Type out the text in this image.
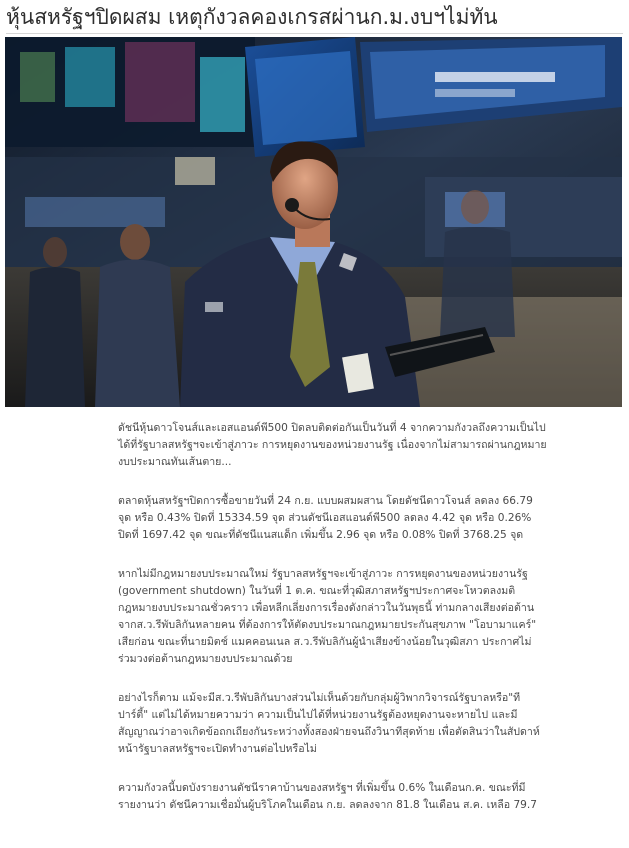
หุ้นสหรัฐฯปิดผสม เหตุกังวลคองเกรสผ่านก.ม.งบฯไม่ทัน

ดัชนีหุ้นดาวโจนส์และเอสแอนด์พี500 ปิดลบติดต่อกันเป็นวันที่ 4 จากความกังวลถึงความเป็นไปได้ที่รัฐบาลสหรัฐฯจะเข้าสู่ภาวะ การหยุดงานของหน่วยงานรัฐ เนื่องจากไม่สามารถผ่านกฎหมายงบประมาณทันเส้นตาย...

ตลาดหุ้นสหรัฐฯปิดการซื้อขายวันที่ 24 ก.ย. แบบผสมผสาน โดยดัชนีดาวโจนส์ ลดลง 66.79 จุด หรือ 0.43% ปิดที่ 15334.59 จุด ส่วนดัชนีเอสแอนด์พี500 ลดลง 4.42 จุด หรือ 0.26% ปิดที่ 1697.42 จุด ขณะที่ดัชนีแนสแด็ก เพิ่มขึ้น 2.96 จุด หรือ 0.08% ปิดที่ 3768.25 จุด

หากไม่มีกฎหมายงบประมาณใหม่ รัฐบาลสหรัฐฯจะเข้าสู่ภาวะ การหยุดงานของหน่วยงานรัฐ (government shutdown) ในวันที่ 1 ต.ค. ขณะที่วุฒิสภาสหรัฐฯประกาศจะโหวตลงมติกฎหมายงบประมาณชั่วคราว เพื่อหลีกเลี่ยงการเรื่องดังกล่าวในวันพุธนี้ ท่ามกลางเสียงต่อต้านจากส.ว.รีพับลิกันหลายคน ที่ต้องการให้ตัดงบประมาณกฎหมายประกันสุขภาพ "โอบามาแคร์" เสียก่อน ขณะที่นายมิตช์ แมคคอนเนล ส.ว.รีพับลิกันผู้นำเสียงข้างน้อยในวุฒิสภา ประกาศไม่ร่วมวงต่อต้านกฎหมายงบประมาณด้วย

อย่างไรก็ตาม แม้จะมีส.ว.รีพับลิกันบางส่วนไม่เห็นด้วยกับกลุ่มผู้วิพากวิจารณ์รัฐบาลหรือ"ที ปาร์ตี้" แต่ไม่ได้หมายความว่า ความเป็นไปได้ที่หน่วยงานรัฐต้องหยุดงานจะหายไป และมีสัญญาณว่าอาจเกิดข้อถกเถียงกันระหว่างทั้งสองฝ่ายจนถึงวินาทีสุดท้าย เพื่อตัดสินว่าในสัปดาห์หน้ารัฐบาลสหรัฐฯจะเปิดทำงานต่อไปหรือไม่

ความกังวลนี้บดบังรายงานดัชนีราคาบ้านของสหรัฐฯ ที่เพิ่มขึ้น 0.6% ในเดือนก.ค. ขณะที่มีรายงานว่า ดัชนีความเชื่อมั่นผู้บริโภคในเดือน ก.ย. ลดลงจาก 81.8 ในเดือน ส.ค. เหลือ 79.7
